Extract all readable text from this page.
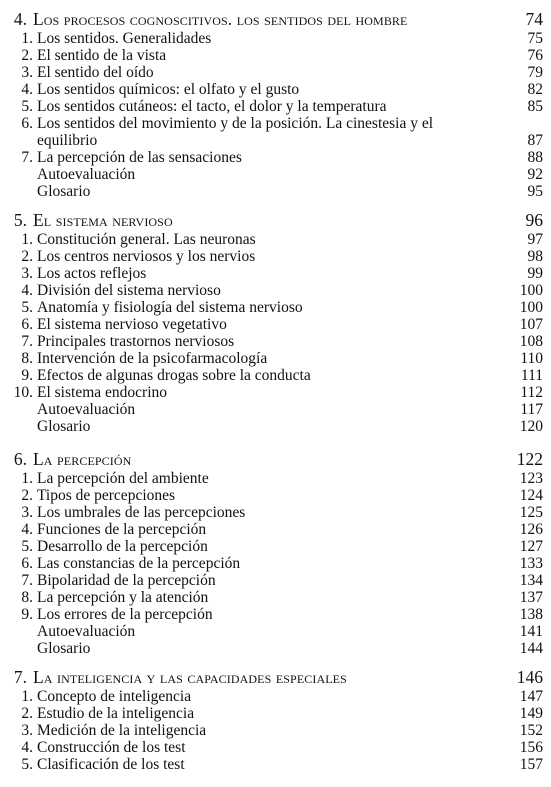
4. Los procesos cognoscitivos. los sentidos del hombre	74
1. Los sentidos. Generalidades	75
2. El sentido de la vista	76
3. El sentido del oído	79
4. Los sentidos químicos: el olfato y el gusto	82
5. Los sentidos cutáneos: el tacto, el dolor y la temperatura	85
6. Los sentidos del movimiento y de la posición. La cinestesia y el equilibrio	87
7. La percepción de las sensaciones	88
Autoevaluación	92
Glosario	95
5. El sistema nervioso	96
1. Constitución general. Las neuronas	97
2. Los centros nerviosos y los nervios	98
3. Los actos reflejos	99
4. División del sistema nervioso	100
5. Anatomía y fisiología del sistema nervioso	100
6. El sistema nervioso vegetativo	107
7. Principales trastornos nerviosos	108
8. Intervención de la psicofarmacología	110
9. Efectos de algunas drogas sobre la conducta	111
10. El sistema endocrino	112
Autoevaluación	117
Glosario	120
6. La percepción	122
1. La percepción del ambiente	123
2. Tipos de percepciones	124
3. Los umbrales de las percepciones	125
4. Funciones de la percepción	126
5. Desarrollo de la percepción	127
6. Las constancias de la percepción	133
7. Bipolaridad de la percepción	134
8. La percepción y la atención	137
9. Los errores de la percepción	138
Autoevaluación	141
Glosario	144
7. La inteligencia y las capacidades especiales	146
1. Concepto de inteligencia	147
2. Estudio de la inteligencia	149
3. Medición de la inteligencia	152
4. Construcción de los test	156
5. Clasificación de los test	157
